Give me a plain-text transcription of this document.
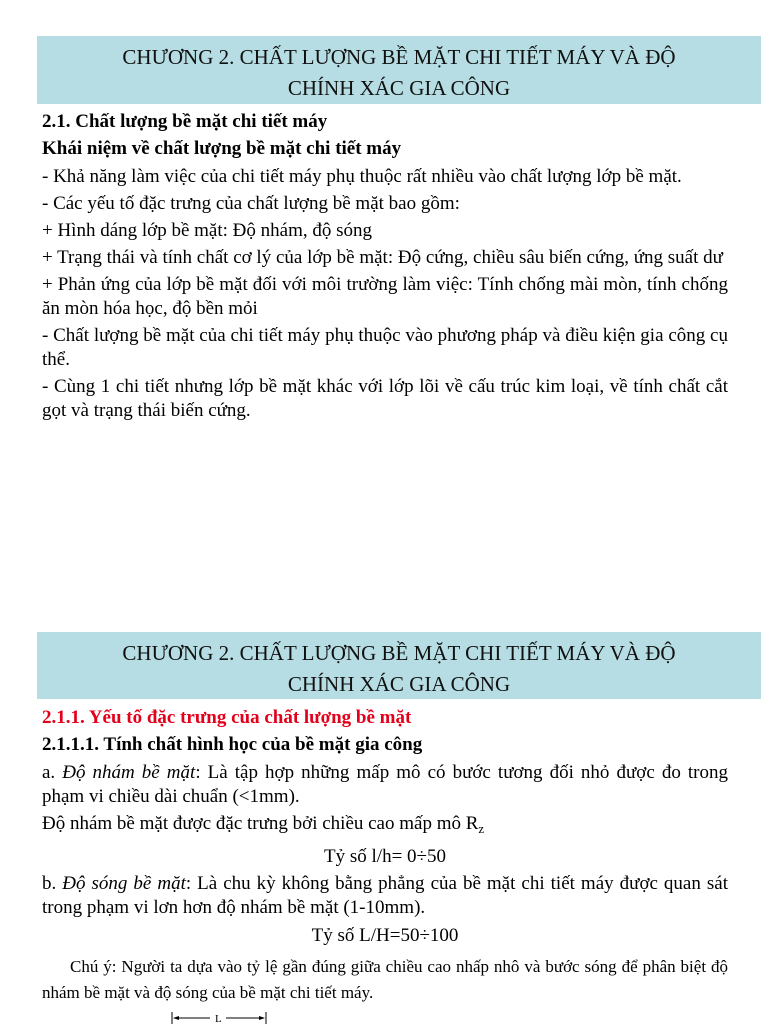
CHƯƠNG 2. CHẤT LƯỢNG BỀ MẶT CHI TIẾT MÁY VÀ ĐỘ
CHÍNH XÁC GIA CÔNG
2.1. Chất lượng bề mặt chi tiết máy
Khái niệm về chất lượng bề mặt chi tiết máy
- Khả năng làm việc của chi tiết máy phụ thuộc rất nhiều vào chất lượng lớp bề mặt.
- Các yếu tố đặc trưng của chất lượng bề mặt bao gồm:
+ Hình dáng lớp bề mặt: Độ nhám, độ sóng
+ Trạng thái và tính chất cơ lý của lớp bề mặt: Độ cứng, chiều sâu biến cứng, ứng suất dư
+ Phản ứng của lớp bề mặt đối với môi trường làm việc: Tính chống mài mòn, tính chống ăn mòn hóa học, độ bền mỏi
- Chất lượng bề mặt của chi tiết máy phụ thuộc vào phương pháp và điều kiện gia công cụ thể.
- Cùng 1 chi tiết nhưng lớp bề mặt khác với lớp lõi về cấu trúc kim loại, về tính chất cắt gọt và trạng thái biến cứng.
CHƯƠNG 2. CHẤT LƯỢNG BỀ MẶT CHI TIẾT MÁY VÀ ĐỘ
CHÍNH XÁC GIA CÔNG
2.1.1. Yếu tố đặc trưng của chất lượng bề mặt
2.1.1.1. Tính chất hình học của bề mặt gia công
a. Độ nhám bề mặt: Là tập hợp những mấp mô có bước tương đối nhỏ được đo trong phạm vi chiều dài chuẩn (<1mm).
Độ nhám bề mặt được đặc trưng bởi chiều cao mấp mô $R_z$
Tỷ số l/h= 0÷50
b. Độ sóng bề mặt: Là chu kỳ không bằng phẳng của bề mặt chi tiết máy được quan sát trong phạm vi lơn hơn độ nhám bề mặt (1-10mm).
Tỷ số L/H=50÷100
Chú ý: Người ta dựa vào tỷ lệ gần đúng giữa chiều cao nhấp nhô và bước sóng để phân biệt độ nhám bề mặt và độ sóng của bề mặt chi tiết máy.
L
